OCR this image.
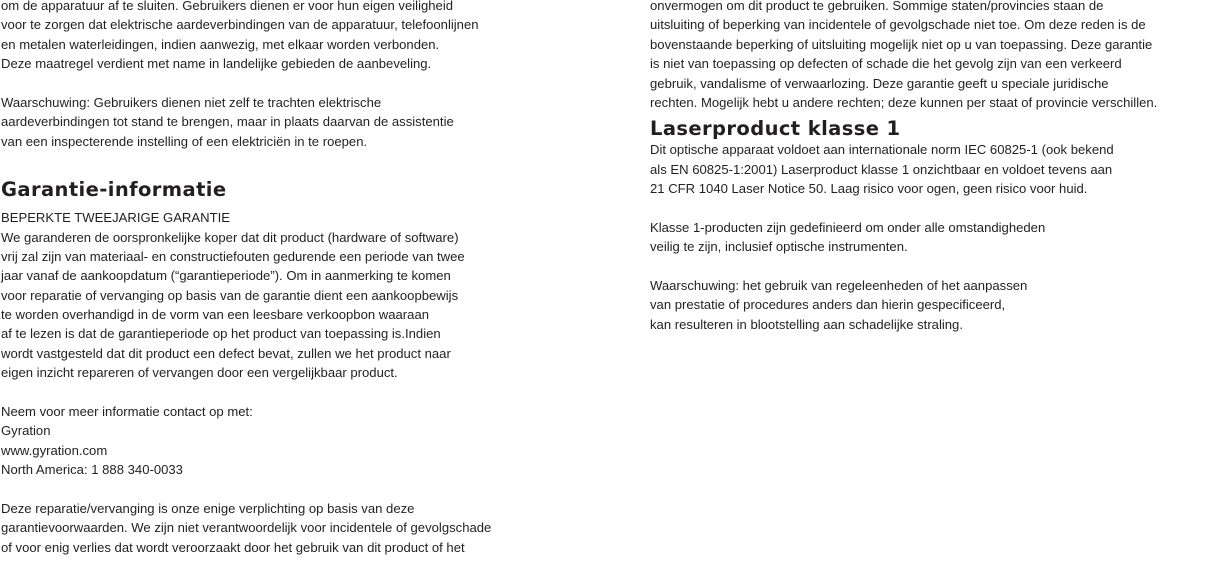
om de apparatuur af te sluiten. Gebruikers dienen er voor hun eigen veiligheid
voor te zorgen dat elektrische aardeverbindingen van de apparatuur, telefoonlijnen
en metalen waterleidingen, indien aanwezig, met elkaar worden verbonden.
Deze maatregel verdient met name in landelijke gebieden de aanbeveling.
Waarschuwing: Gebruikers dienen niet zelf te trachten elektrische
aardeverbindingen tot stand te brengen, maar in plaats daarvan de assistentie
van een inspecterende instelling of een elektriciën in te roepen.
Garantie-informatie
BEPERKTE TWEEJARIGE GARANTIE
We garanderen de oorspronkelijke koper dat dit product (hardware of software)
vrij zal zijn van materiaal- en constructiefouten gedurende een periode van twee
jaar vanaf de aankoopdatum (“garantieperiode”). Om in aanmerking te komen
voor reparatie of vervanging op basis van de garantie dient een aankoopbewijs
te worden overhandigd in de vorm van een leesbare verkoopbon waaraan
af te lezen is dat de garantieperiode op het product van toepassing is.Indien
wordt vastgesteld dat dit product een defect bevat, zullen we het product naar
eigen inzicht repareren of vervangen door een vergelijkbaar product.
Neem voor meer informatie contact op met:
Gyration
www.gyration.com
North America: 1 888 340-0033
Deze reparatie/vervanging is onze enige verplichting op basis van deze
garantievoorwaarden. We zijn niet verantwoordelijk voor incidentele of gevolgschade
of voor enig verlies dat wordt veroorzaakt door het gebruik van dit product of het
onvermogen om dit product te gebruiken. Sommige staten/provincies staan de
uitsluiting of beperking van incidentele of gevolgschade niet toe. Om deze reden is de
bovenstaande beperking of uitsluiting mogelijk niet op u van toepassing. Deze garantie
is niet van toepassing op defecten of schade die het gevolg zijn van een verkeerd
gebruik, vandalisme of verwaarlozing. Deze garantie geeft u speciale juridische
rechten. Mogelijk hebt u andere rechten; deze kunnen per staat of provincie verschillen.
Laserproduct klasse 1
Dit optische apparaat voldoet aan internationale norm IEC 60825-1 (ook bekend
als EN 60825-1:2001) Laserproduct klasse 1 onzichtbaar en voldoet tevens aan
21 CFR 1040 Laser Notice 50. Laag risico voor ogen, geen risico voor huid.
Klasse 1-producten zijn gedefinieerd om onder alle omstandigheden
veilig te zijn, inclusief optische instrumenten.
Waarschuwing: het gebruik van regeleenheden of het aanpassen
van prestatie of procedures anders dan hierin gespecificeerd,
kan resulteren in blootstelling aan schadelijke straling.
